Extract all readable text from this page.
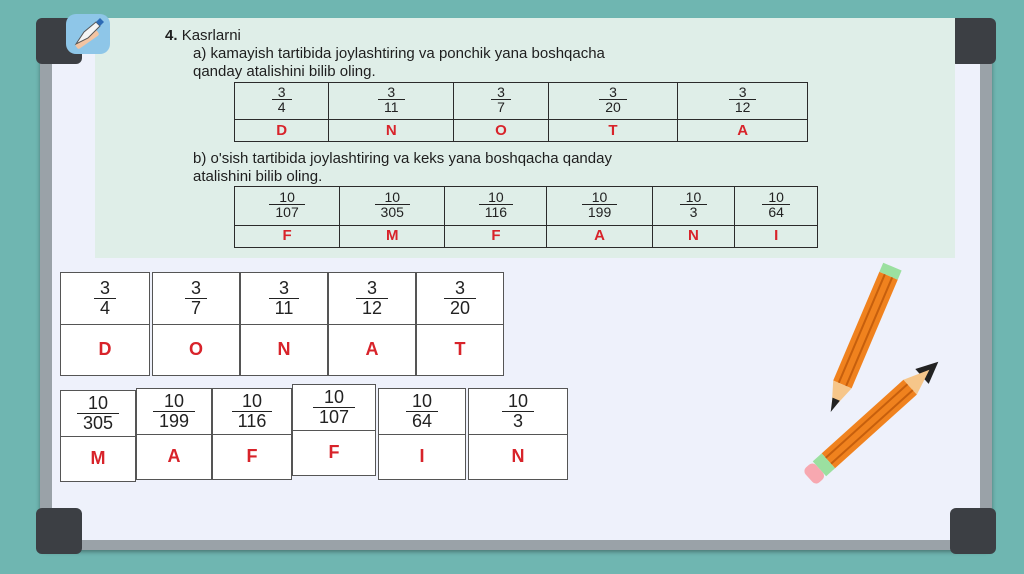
4. Kasrlarni
a) kamayish tartibida joylashtiring va ponchik yana boshqacha
qanday atalishini bilib oling.
$\frac{3}{4}$	$\frac{3}{11}$	$\frac{3}{7}$	$\frac{3}{20}$	$\frac{3}{12}$

D	N	O	T	A
b) o'sish tartibida joylashtiring va keks yana boshqacha qanday
atalishini bilib oling.
$\frac{10}{107}$	$\frac{10}{305}$	$\frac{10}{116}$	$\frac{10}{199}$	$\frac{10}{3}$	$\frac{10}{64}$

F	M	F	A	N	I
$\frac{3}{4}$
D
$\frac{3}{7}$
O
$\frac{3}{11}$
N
$\frac{3}{12}$
A
$\frac{3}{20}$
T
$\frac{10}{305}$
M
$\frac{10}{199}$
A
$\frac{10}{116}$
F
$\frac{10}{107}$
F
$\frac{10}{64}$
I
$\frac{10}{3}$
N
